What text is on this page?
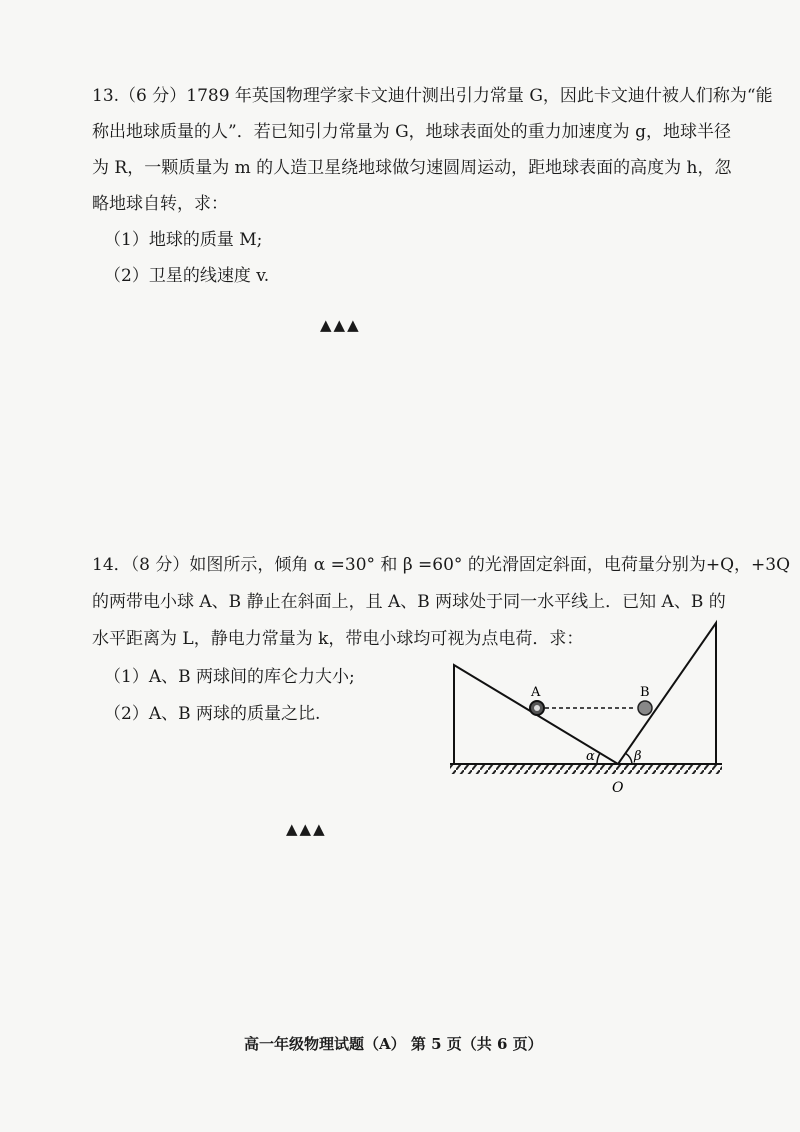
13.（6 分）1789 年英国物理学家卡文迪什测出引力常量 G，因此卡文迪什被人们称为“能
称出地球质量的人”．若已知引力常量为 G，地球表面处的重力加速度为 g，地球半径
为 R，一颗质量为 m 的人造卫星绕地球做匀速圆周运动，距地球表面的高度为 h，忽
略地球自转，求：
（1）地球的质量 M;
（2）卫星的线速度 v.
▲▲▲
14．（8 分）如图所示，倾角 α =30° 和 β =60° 的光滑固定斜面，电荷量分别为+Q，+3Q
的两带电小球 A、B 静止在斜面上，且 A、B 两球处于同一水平线上．已知 A、B 的
水平距离为 L，静电力常量为 k，带电小球均可视为点电荷．求：
（1）A、B 两球间的库仑力大小;
（2）A、B 两球的质量之比.
A	B
α	β
O
▲▲▲
高一年级物理试题（A） 第 5 页（共 6 页）
